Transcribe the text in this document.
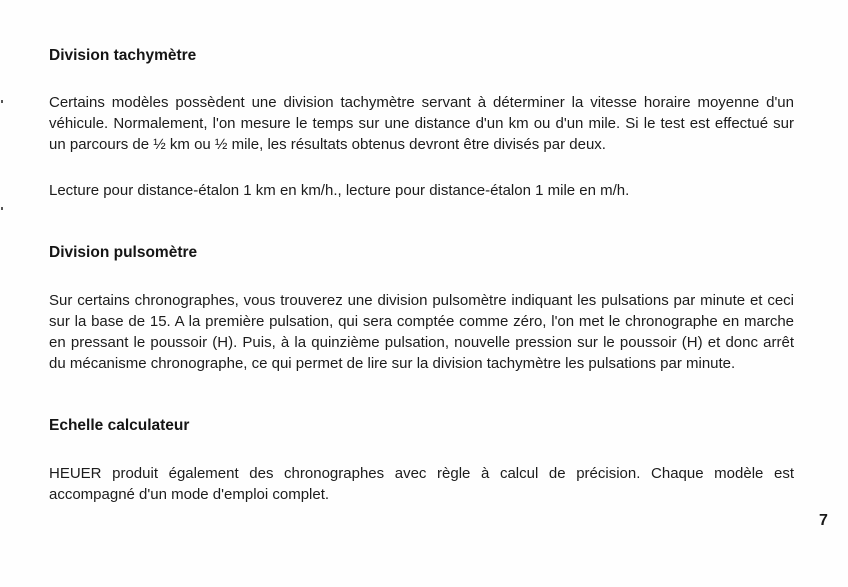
Division tachymètre

Certains modèles possèdent une division tachymètre servant à déterminer la vitesse horaire moyenne d'un véhicule. Normalement, l'on mesure le temps sur une distance d'un km ou d'un mile. Si le test est effectué sur un parcours de ½ km ou ½ mile, les résultats obtenus devront être divisés par deux.

Lecture pour distance-étalon 1 km en km/h., lecture pour distance-étalon 1 mile en m/h.

Division pulsomètre

Sur certains chronographes, vous trouverez une division pulsomètre indiquant les pulsations par minute et ceci sur la base de 15. A la première pulsation, qui sera comptée comme zéro, l'on met le chronographe en marche en pressant le poussoir (H). Puis, à la quinzième pulsation, nouvelle pression sur le poussoir (H) et donc arrêt du mécanisme chronographe, ce qui permet de lire sur la division tachymètre les pulsations par minute.

Echelle calculateur

HEUER produit également des chronographes avec règle à calcul de précision. Chaque modèle est accompagné d'un mode d'emploi complet.

7
